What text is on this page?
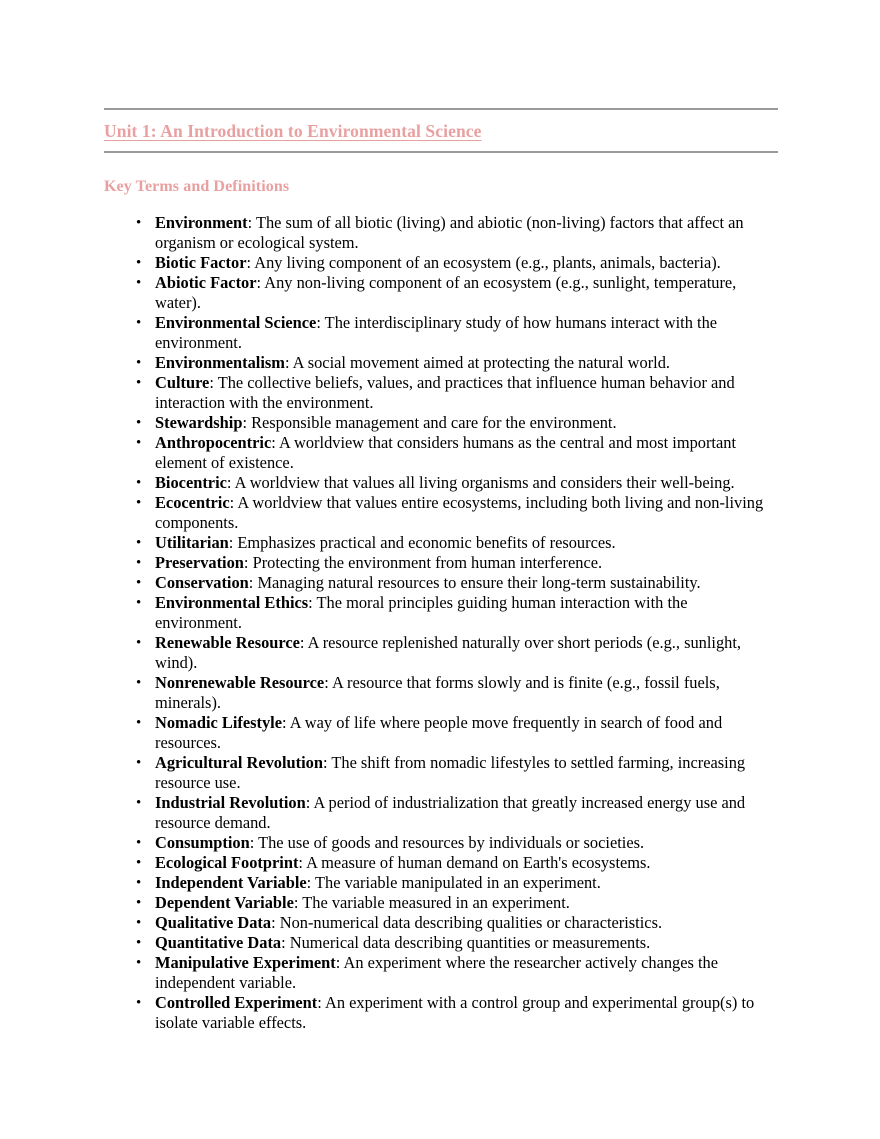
Unit 1: An Introduction to Environmental Science
Key Terms and Definitions
• Environment: The sum of all biotic (living) and abiotic (non-living) factors that affect an organism or ecological system.
• Biotic Factor: Any living component of an ecosystem (e.g., plants, animals, bacteria).
• Abiotic Factor: Any non-living component of an ecosystem (e.g., sunlight, temperature, water).
• Environmental Science: The interdisciplinary study of how humans interact with the environment.
• Environmentalism: A social movement aimed at protecting the natural world.
• Culture: The collective beliefs, values, and practices that influence human behavior and interaction with the environment.
• Stewardship: Responsible management and care for the environment.
• Anthropocentric: A worldview that considers humans as the central and most important element of existence.
• Biocentric: A worldview that values all living organisms and considers their well-being.
• Ecocentric: A worldview that values entire ecosystems, including both living and non-living components.
• Utilitarian: Emphasizes practical and economic benefits of resources.
• Preservation: Protecting the environment from human interference.
• Conservation: Managing natural resources to ensure their long-term sustainability.
• Environmental Ethics: The moral principles guiding human interaction with the environment.
• Renewable Resource: A resource replenished naturally over short periods (e.g., sunlight, wind).
• Nonrenewable Resource: A resource that forms slowly and is finite (e.g., fossil fuels, minerals).
• Nomadic Lifestyle: A way of life where people move frequently in search of food and resources.
• Agricultural Revolution: The shift from nomadic lifestyles to settled farming, increasing resource use.
• Industrial Revolution: A period of industrialization that greatly increased energy use and resource demand.
• Consumption: The use of goods and resources by individuals or societies.
• Ecological Footprint: A measure of human demand on Earth's ecosystems.
• Independent Variable: The variable manipulated in an experiment.
• Dependent Variable: The variable measured in an experiment.
• Qualitative Data: Non-numerical data describing qualities or characteristics.
• Quantitative Data: Numerical data describing quantities or measurements.
• Manipulative Experiment: An experiment where the researcher actively changes the independent variable.
• Controlled Experiment: An experiment with a control group and experimental group(s) to isolate variable effects.
